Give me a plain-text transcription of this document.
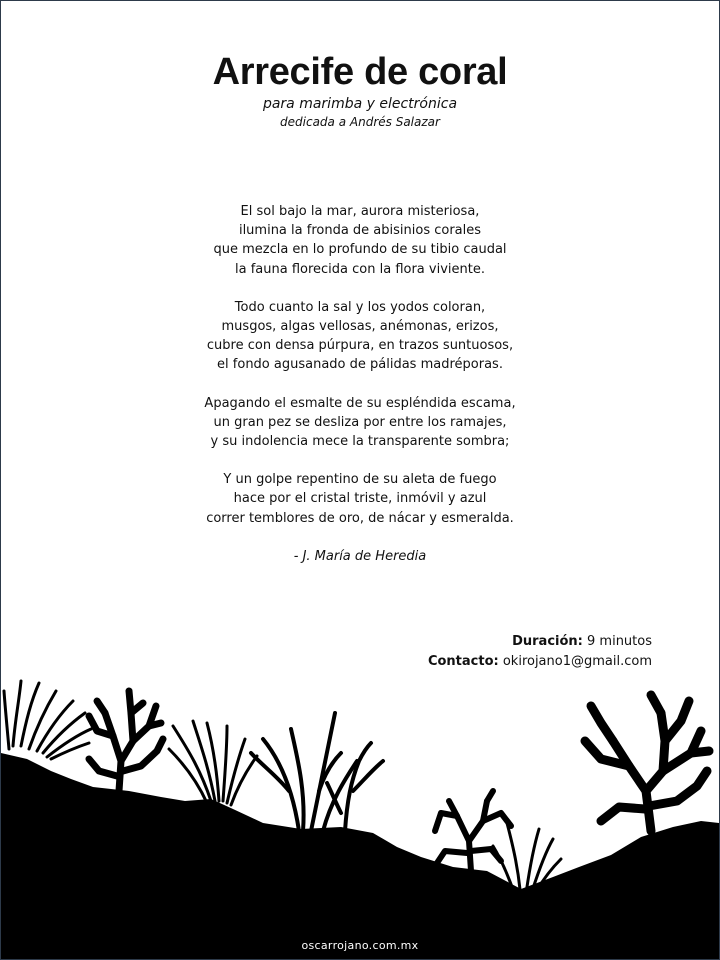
Arrecife de coral

para marimba y electrónica

dedicada a Andrés Salazar

El sol bajo la mar, aurora misteriosa,
ilumina la fronda de abisinios corales
que mezcla en lo profundo de su tibio caudal
la fauna florecida con la flora viviente.

Todo cuanto la sal y los yodos coloran,
musgos, algas vellosas, anémonas, erizos,
cubre con densa púrpura, en trazos suntuosos,
el fondo agusanado de pálidas madréporas.

Apagando el esmalte de su espléndida escama,
un gran pez se desliza por entre los ramajes,
y su indolencia mece la transparente sombra;

Y un golpe repentino de su aleta de fuego
hace por el cristal triste, inmóvil y azul
correr temblores de oro, de nácar y esmeralda.

- J. María de Heredia
Duración: 9 minutos
Contacto: okirojano1@gmail.com
oscarrojano.com.mx
